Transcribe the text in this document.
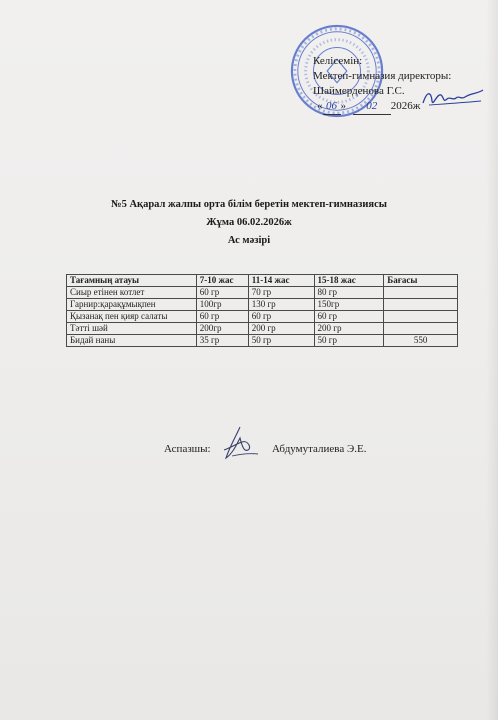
Келісемін:
Мектеп-гимназия директоры:
Шаймерденова Г.С.
« 06 » 02 2026ж
№5 Ақарал жалпы орта білім беретін мектеп-гимназиясы
Жұма 06.02.2026ж
Ас мәзірі
Тағамның атауы	7-10 жас	11-14 жас	15-18 жас	Бағасы
Сиыр етінен котлет	60 гр	70 гр	80 гр	
Гарнир:қарақұмықпен	100гр	130 гр	150гр	
Қызанақ пен қияр салаты	60 гр	60 гр	60 гр	
Тәтті шәй	200гр	200 гр	200 гр	
Бидай наны	35 гр	50 гр	50 гр	550
Аспазшы:	Абдумуталиева Э.Е.
